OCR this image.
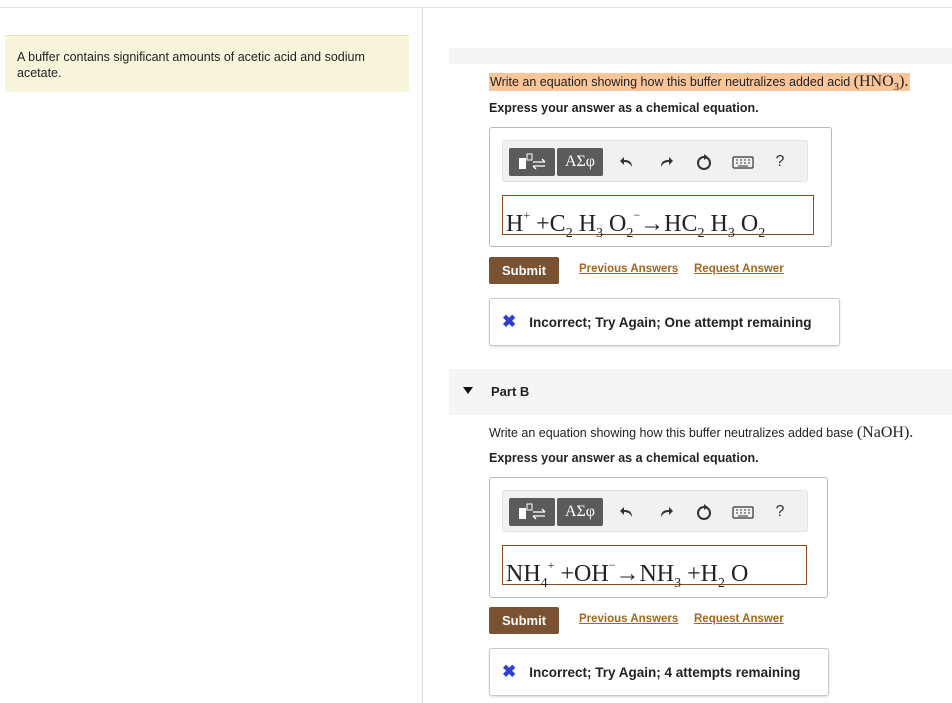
A buffer contains significant amounts of acetic acid and sodium acetate.
Write an equation showing how this buffer neutralizes added acid $(HNO_3)$.
Express your answer as a chemical equation.
ΑΣφ	?
$H^+ +C_2$ $H_3$ $O_2^-\to HC_2$ $H_3$ $O_2$
Submit	Previous Answers Request Answer
✖ Incorrect; Try Again; One attempt remaining
Part B
Write an equation showing how this buffer neutralizes added base (NaOH).
Express your answer as a chemical equation.
ΑΣφ	?
$NH_4^+ +OH^-\to NH_3 +H_2$ O
Submit	Previous Answers Request Answer
✖ Incorrect; Try Again; 4 attempts remaining
